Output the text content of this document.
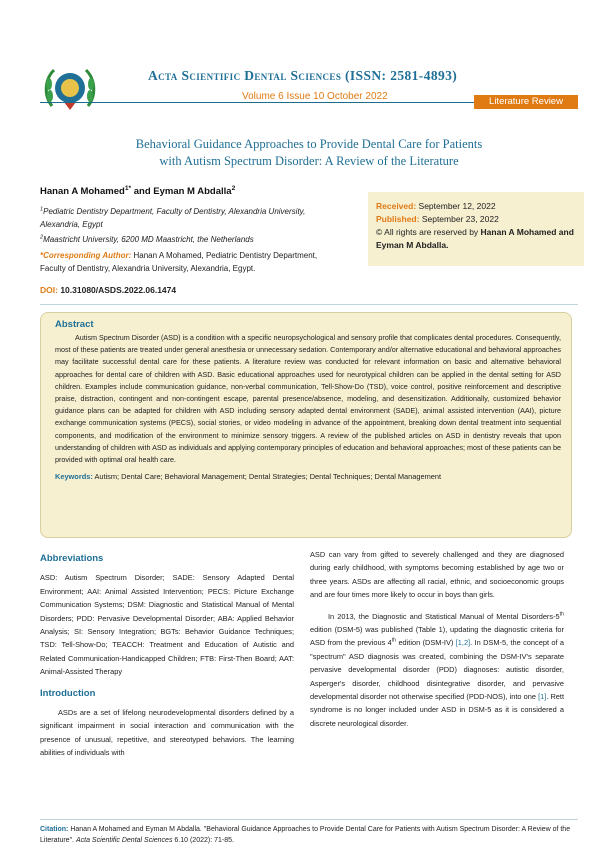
Acta Scientific Dental Sciences (ISSN: 2581-4893)
Volume 6 Issue 10 October 2022	Literature Review
Behavioral Guidance Approaches to Provide Dental Care for Patients
with Autism Spectrum Disorder: A Review of the Literature
Hanan A Mohamed$^{1*}$ and Eyman M Abdalla$^2$
$^1$Pediatric Dentistry Department, Faculty of Dentistry, Alexandria University, Alexandria, Egypt
$^2$Maastricht University, 6200 MD Maastricht, the Netherlands
*Corresponding Author: Hanan A Mohamed, Pediatric Dentistry Department, Faculty of Dentistry, Alexandria University, Alexandria, Egypt.
DOI: 10.31080/ASDS.2022.06.1474
Received: September 12, 2022
Published: September 23, 2022
© All rights are reserved by Hanan A Mohamed and Eyman M Abdalla.
Abstract

Autism Spectrum Disorder (ASD) is a condition with a specific neuropsychological and sensory profile that complicates dental procedures. Consequently, most of these patients are treated under general anesthesia or unnecessary sedation. Contemporary and/or alternative educational and behavioral approaches may facilitate successful dental care for these patients. A literature review was conducted for relevant information on basic and alternative behavioral approaches for dental care of children with ASD. Basic educational approaches used for neurotypical children can be applied in the dental setting for ASD children. Examples include communication guidance, non-verbal communication, Tell-Show-Do (TSD), voice control, positive reinforcement and descriptive praise, distraction, contingent and non-contingent escape, parental presence/absence, modeling, and desensitization. Additionally, customized behavior guidance plans can be adapted for children with ASD including sensory adapted dental environment (SADE), animal assisted intervention (AAI), picture exchange communication systems (PECS), social stories, or video modeling in advance of the appointment, breaking down dental treatment into sequential components, and modification of the environment to minimize sensory triggers. A review of the published articles on ASD in dentistry reveals that upon understanding of children with ASD as individuals and applying contemporary principles of education and behavioral approaches; most of these patients can be provided with optimal oral health care.

Keywords: Autism; Dental Care; Behavioral Management; Dental Strategies; Dental Techniques; Dental Management
Abbreviations

ASD: Autism Spectrum Disorder; SADE: Sensory Adapted Dental Environment; AAI: Animal Assisted Intervention; PECS: Picture Exchange Communication Systems; DSM: Diagnostic and Statistical Manual of Mental Disorders; PDD: Pervasive Developmental Disorder; ABA: Applied Behavior Analysis; SI: Sensory Integration; BGTs: Behavior Guidance Techniques; TSD: Tell-Show-Do; TEACCH: Treatment and Education of Autistic and Related Communication-Handicapped Children; FTB: First-Then Board; AAT: Animal-Assisted Therapy

Introduction

ASDs are a set of lifelong neurodevelopmental disorders defined by a significant impairment in social interaction and communication with the presence of unusual, repetitive, and stereotyped behaviors. The learning abilities of individuals with

ASD can vary from gifted to severely challenged and they are diagnosed during early childhood, with symptoms becoming established by age two or three years. ASDs are affecting all racial, ethnic, and socioeconomic groups and are four times more likely to occur in boys than girls.

In 2013, the Diagnostic and Statistical Manual of Mental Disorders-5th edition (DSM-5) was published (Table 1), updating the diagnostic criteria for ASD from the previous 4th edition (DSM-IV) [1,2]. In DSM-5, the concept of a "spectrum" ASD diagnosis was created, combining the DSM-IV's separate pervasive developmental disorder (PDD) diagnoses: autistic disorder, Asperger's disorder, childhood disintegrative disorder, and pervasive developmental disorder not otherwise specified (PDD-NOS), into one [1]. Rett syndrome is no longer included under ASD in DSM-5 as it is considered a discrete neurological disorder.

Citation: Hanan A Mohamed and Eyman M Abdalla. "Behavioral Guidance Approaches to Provide Dental Care for Patients with Autism Spectrum Disorder: A Review of the Literature". Acta Scientific Dental Sciences 6.10 (2022): 71-85.
